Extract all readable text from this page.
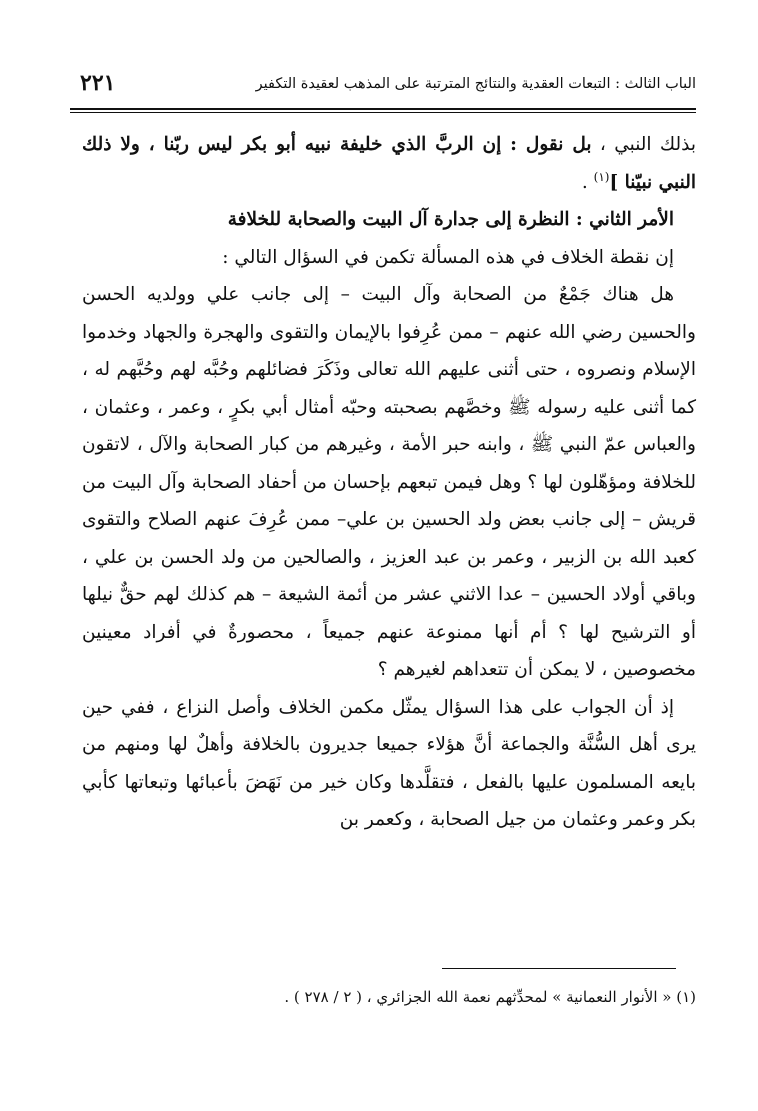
الباب الثالث : التبعات العقدية والنتائج المترتبة على المذهب لعقيدة التكفير
٢٢١

بذلك النبي ، بل نقول : إن الربَّ الذي خليفة نبيه أبو بكر ليس ربّنا ، ولا ذلك النبي نبيّنا ]$^{(١)}$ .

الأمر الثاني : النظرة إلى جدارة آل البيت والصحابة للخلافة

إن نقطة الخلاف في هذه المسألة تكمن في السؤال التالي :

هل هناك جَمْعٌ من الصحابة وآل البيت – إلى جانب علي وولديه الحسن والحسين رضي الله عنهم – ممن عُرِفوا بالإيمان والتقوى والهجرة والجهاد وخدموا الإسلام ونصروه ، حتى أثنى عليهم الله تعالى وذَكَرَ فضائلهم وحُبَّه لهم وحُبَّهم له ، كما أثنى عليه رسوله ﷺ وخصَّهم بصحبته وحبّه أمثال أبي بكرٍ ، وعمر ، وعثمان ، والعباس عمّ النبي ﷺ ، وابنه حبر الأمة ، وغيرهم من كبار الصحابة والآل ، لاتقون للخلافة ومؤهّلون لها ؟ وهل فيمن تبعهم بإحسان من أحفاد الصحابة وآل البيت من قريش – إلى جانب بعض ولد الحسين بن علي– ممن عُرِفَ عنهم الصلاح والتقوى كعبد الله بن الزبير ، وعمر بن عبد العزيز ، والصالحين من ولد الحسن بن علي ، وباقي أولاد الحسين – عدا الاثني عشر من أئمة الشيعة – هم كذلك لهم حقٌّ نيلها أو الترشيح لها ؟ أم أنها ممنوعة عنهم جميعاً ، محصورةٌ في أفراد معينين مخصوصين ، لا يمكن أن تتعداهم لغيرهم ؟

إذ أن الجواب على هذا السؤال يمثّل مكمن الخلاف وأصل النزاع ، ففي حين يرى أهل السُّنَّة والجماعة أنَّ هؤلاء جميعا جديرون بالخلافة وأهلٌ لها ومنهم من بايعه المسلمون عليها بالفعل ، فتقلَّدها وكان خير من نَهَضَ بأعبائها وتبعاتها كأبي بكر وعمر وعثمان من جيل الصحابة ، وكعمر بن

(١) « الأنوار النعمانية » لمحدِّثهم نعمة الله الجزائري ، ( ٢ / ٢٧٨ ) .
